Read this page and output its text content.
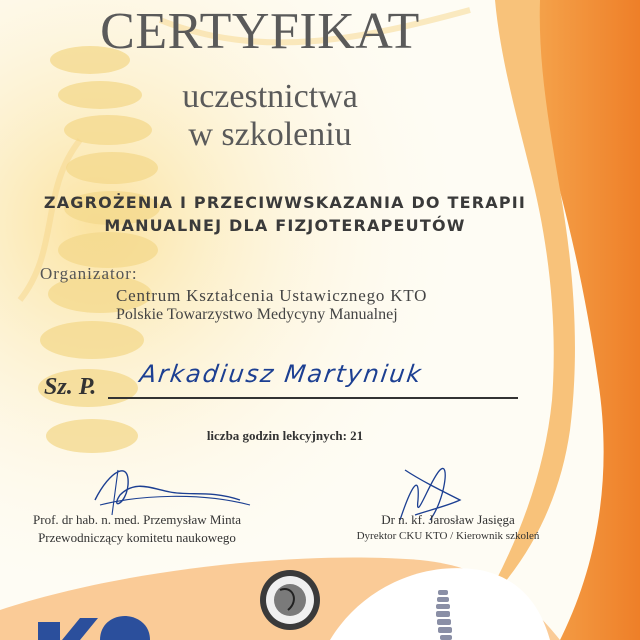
CERTYFIKAT
uczestnictwa
w szkoleniu
ZAGROŻENIA I PRZECIWWSKAZANIA DO TERAPII
MANUALNEJ DLA FIZJOTERAPEUTÓW
Organizator:
Centrum Kształcenia Ustawicznego KTO
Polskie Towarzystwo Medycyny Manualnej
Sz. P. Arkadiusz Martyniuk
liczba godzin lekcyjnych: 21
Prof. dr hab. n. med. Przemysław Minta
Przewodniczący komitetu naukowego
Dr n. kf. Jarosław Jasięga
Dyrektor CKU KTO / Kierownik szkoleń
